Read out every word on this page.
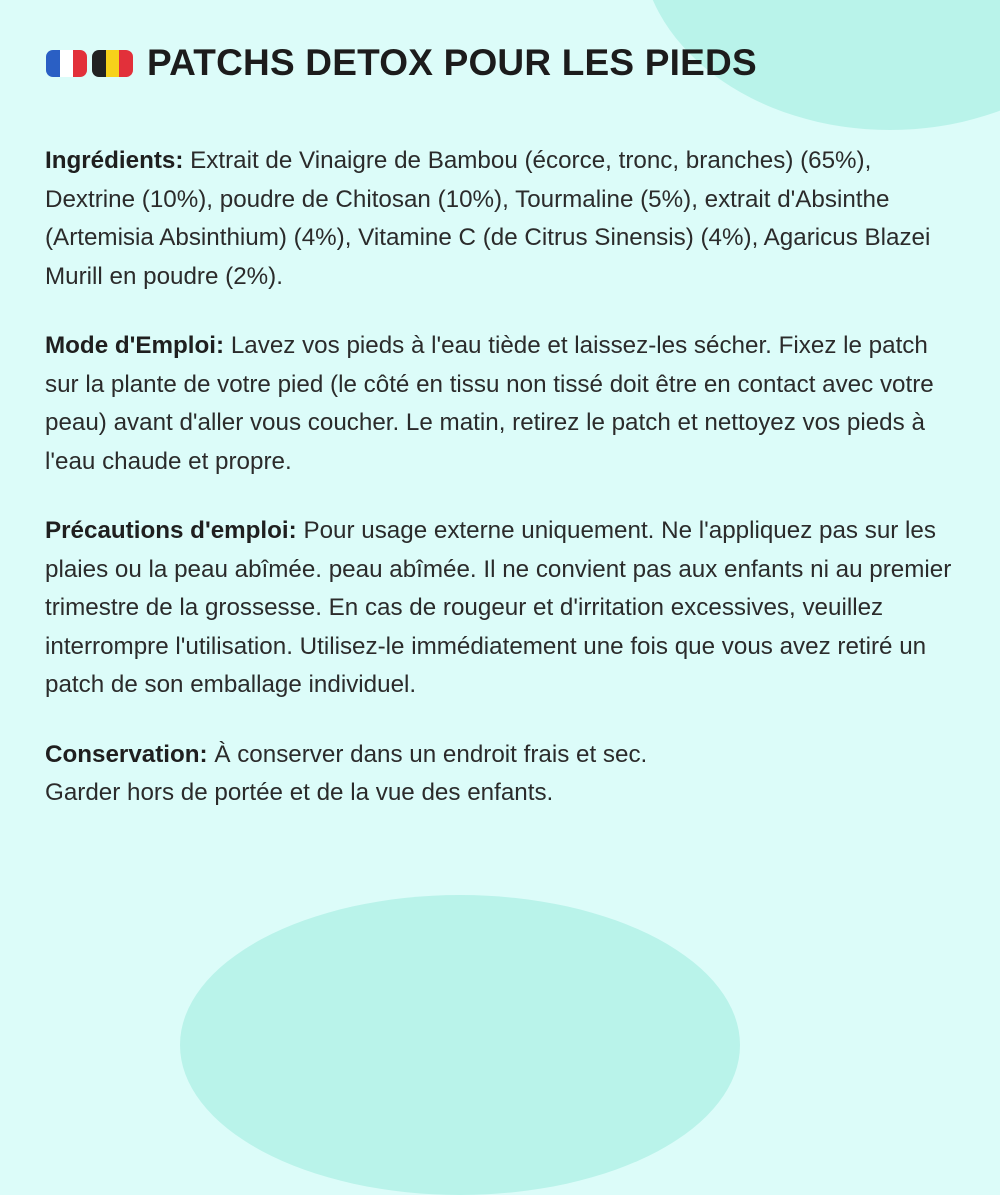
PATCHS DETOX POUR LES PIEDS

Ingrédients: Extrait de Vinaigre de Bambou (écorce, tronc, branches) (65%), Dextrine (10%), poudre de Chitosan (10%), Tourmaline (5%), extrait d'Absinthe (Artemisia Absinthium) (4%), Vitamine C (de Citrus Sinensis) (4%), Agaricus Blazei Murill en poudre (2%).

Mode d'Emploi: Lavez vos pieds à l'eau tiède et laissez-les sécher. Fixez le patch sur la plante de votre pied (le côté en tissu non tissé doit être en contact avec votre peau) avant d'aller vous coucher. Le matin, retirez le patch et nettoyez vos pieds à l'eau chaude et propre.

Précautions d'emploi: Pour usage externe uniquement. Ne l'appliquez pas sur les plaies ou la peau abîmée. peau abîmée. Il ne convient pas aux enfants ni au premier trimestre de la grossesse. En cas de rougeur et d'irritation excessives, veuillez interrompre l'utilisation. Utilisez-le immédiatement une fois que vous avez retiré un patch de son emballage individuel.

Conservation: À conserver dans un endroit frais et sec.
Garder hors de portée et de la vue des enfants.
